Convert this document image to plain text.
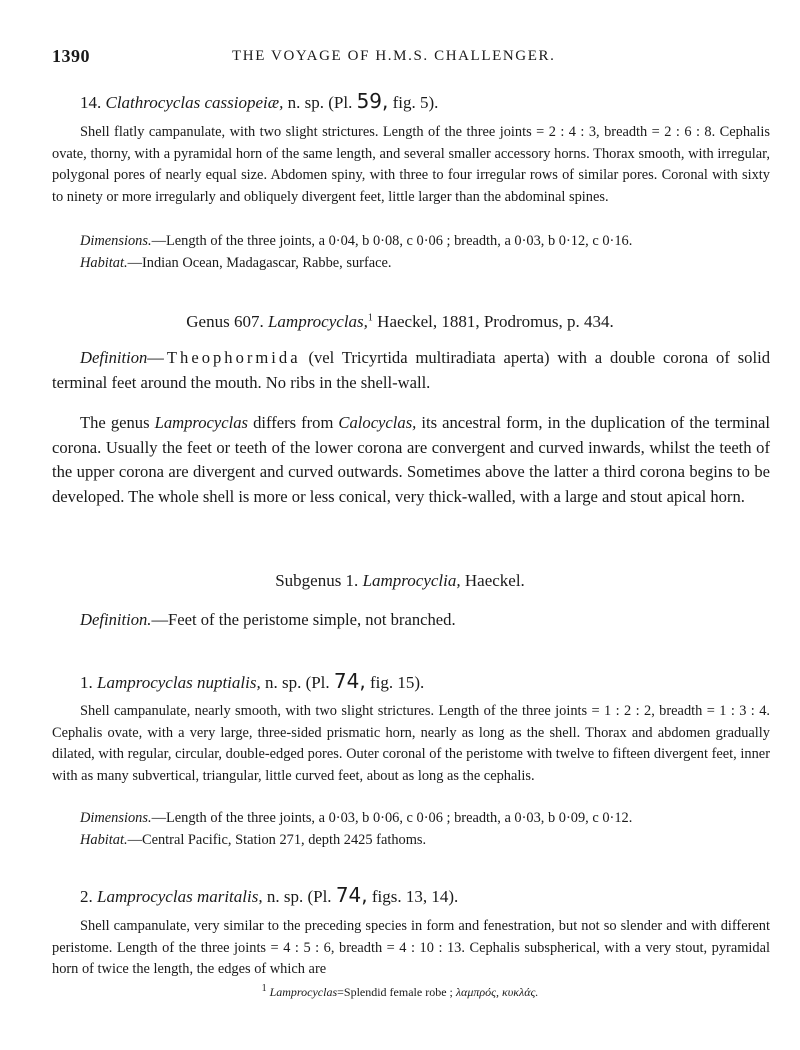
1390	THE VOYAGE OF H.M.S. CHALLENGER.
14. Clathrocyclas cassiopeiæ, n. sp. (Pl. 59, fig. 5).
Shell flatly campanulate, with two slight strictures. Length of the three joints = 2 : 4 : 3, breadth = 2 : 6 : 8. Cephalis ovate, thorny, with a pyramidal horn of the same length, and several smaller accessory horns. Thorax smooth, with irregular, polygonal pores of nearly equal size. Abdomen spiny, with three to four irregular rows of similar pores. Coronal with sixty to ninety or more irregularly and obliquely divergent feet, little larger than the abdominal spines.
Dimensions.—Length of the three joints, a 0·04, b 0·08, c 0·06 ; breadth, a 0·03, b 0·12, c 0·16.
Habitat.—Indian Ocean, Madagascar, Rabbe, surface.
Genus 607. Lamprocyclas,$^1$ Haeckel, 1881, Prodromus, p. 434.
Definition—Theophormida (vel Tricyrtida multiradiata aperta) with a double corona of solid terminal feet around the mouth. No ribs in the shell-wall.
The genus Lamprocyclas differs from Calocyclas, its ancestral form, in the duplication of the terminal corona. Usually the feet or teeth of the lower corona are convergent and curved inwards, whilst the teeth of the upper corona are divergent and curved outwards. Sometimes above the latter a third corona begins to be developed. The whole shell is more or less conical, very thick-walled, with a large and stout apical horn.
Subgenus 1. Lamprocyclia, Haeckel.
Definition.—Feet of the peristome simple, not branched.
1. Lamprocyclas nuptialis, n. sp. (Pl. 74, fig. 15).
Shell campanulate, nearly smooth, with two slight strictures. Length of the three joints = 1 : 2 : 2, breadth = 1 : 3 : 4. Cephalis ovate, with a very large, three-sided prismatic horn, nearly as long as the shell. Thorax and abdomen gradually dilated, with regular, circular, double-edged pores. Outer coronal of the peristome with twelve to fifteen divergent feet, inner with as many subvertical, triangular, little curved feet, about as long as the cephalis.
Dimensions.—Length of the three joints, a 0·03, b 0·06, c 0·06 ; breadth, a 0·03, b 0·09, c 0·12.
Habitat.—Central Pacific, Station 271, depth 2425 fathoms.
2. Lamprocyclas maritalis, n. sp. (Pl. 74, figs. 13, 14).
Shell campanulate, very similar to the preceding species in form and fenestration, but not so slender and with different peristome. Length of the three joints = 4 : 5 : 6, breadth = 4 : 10 : 13. Cephalis subspherical, with a very stout, pyramidal horn of twice the length, the edges of which are
$^1$ Lamprocyclas=Splendid female robe ; λαμπρός, κυκλάς.
